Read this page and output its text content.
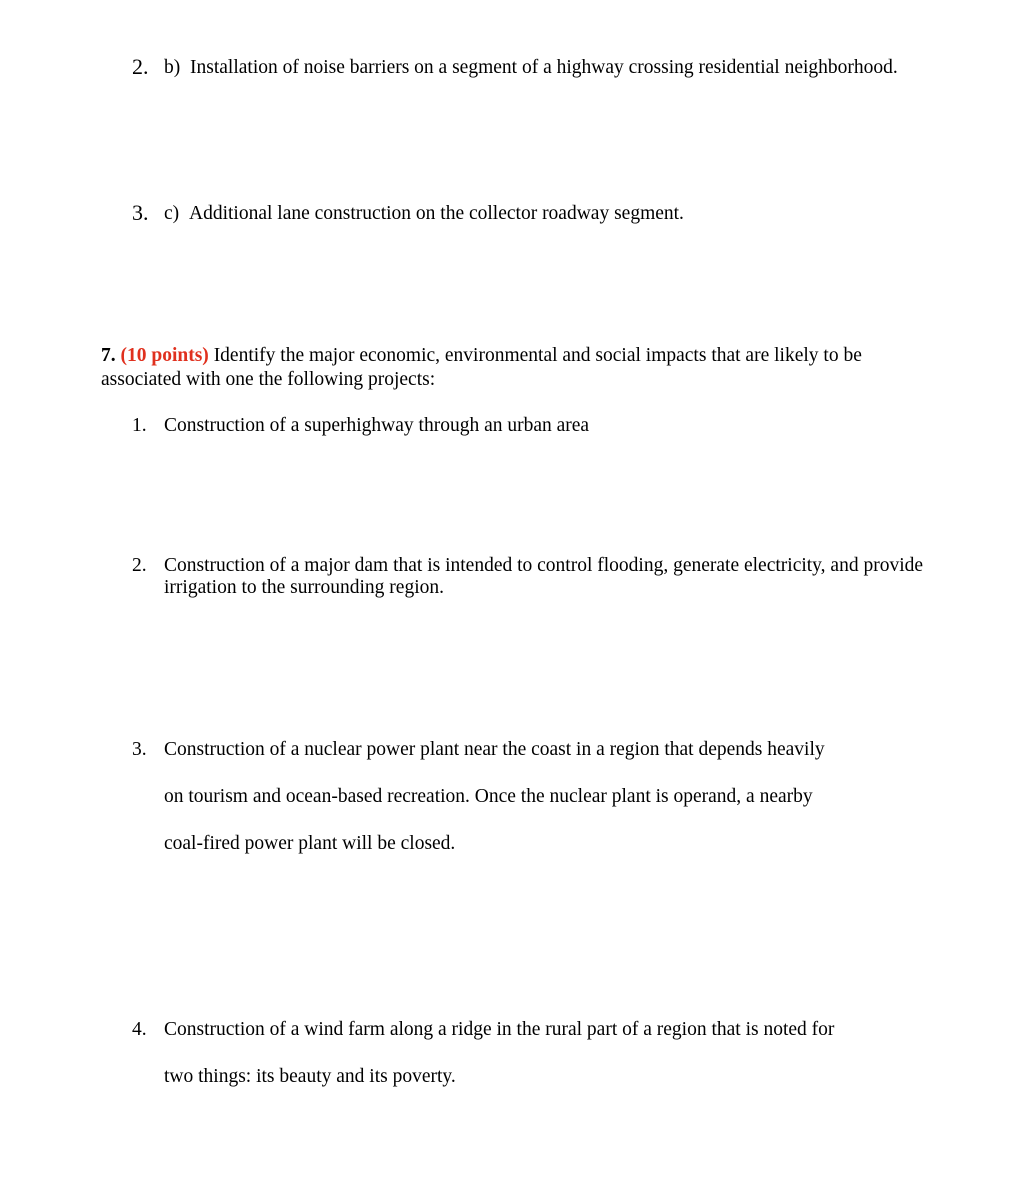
2. b) Installation of noise barriers on a segment of a highway crossing residential neighborhood.
3. c) Additional lane construction on the collector roadway segment.
7. (10 points) Identify the major economic, environmental and social impacts that are likely to be
associated with one the following projects:
1. Construction of a superhighway through an urban area
2. Construction of a major dam that is intended to control flooding, generate electricity, and provide
irrigation to the surrounding region.
3. Construction of a nuclear power plant near the coast in a region that depends heavily
on tourism and ocean-based recreation. Once the nuclear plant is operand, a nearby
coal-fired power plant will be closed.
4. Construction of a wind farm along a ridge in the rural part of a region that is noted for
two things: its beauty and its poverty.
